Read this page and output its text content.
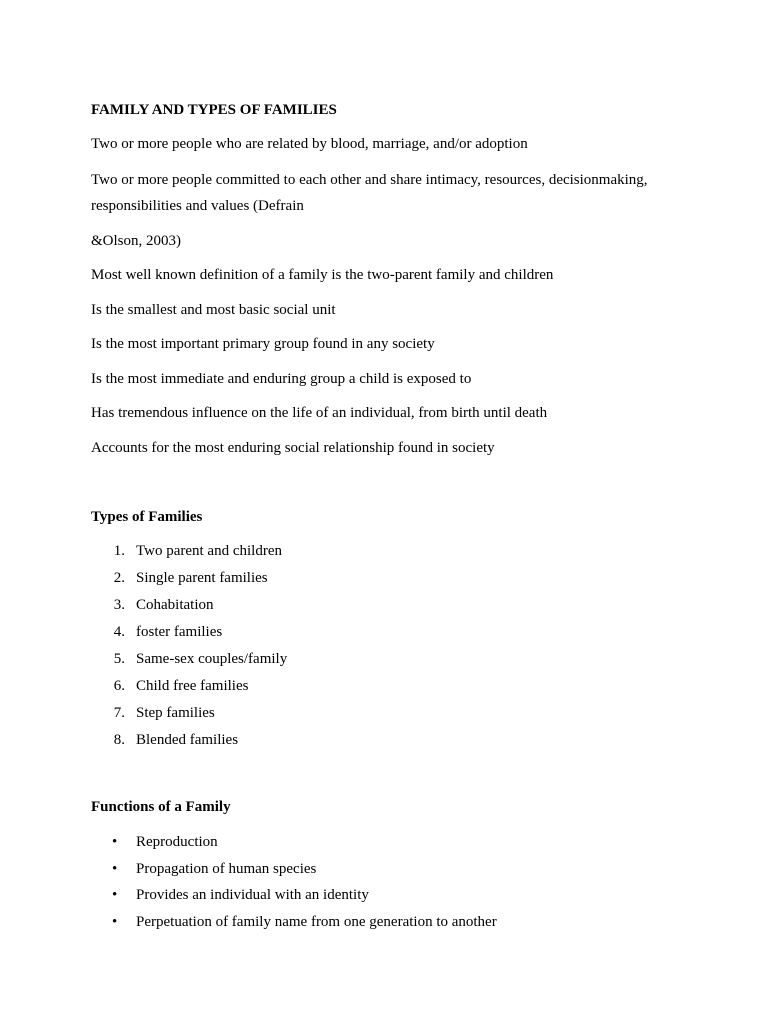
FAMILY AND TYPES OF FAMILIES
Two or more people who are related by blood, marriage, and/or adoption
Two or more people committed to each other and share intimacy, resources, decisionmaking,
responsibilities and values (Defrain
&Olson, 2003)
Most well known definition of a family is the two-parent family and children
Is the smallest and most basic social unit
Is the most important primary group found in any society
Is the most immediate and enduring group a child is exposed to
Has tremendous influence on the life of an individual, from birth until death
Accounts for the most enduring social relationship found in society
Types of Families
1. Two parent and children
2. Single parent families
3. Cohabitation
4. foster families
5. Same-sex couples/family
6. Child free families
7. Step families
8. Blended families
Functions of a Family
• Reproduction
• Propagation of human species
• Provides an individual with an identity
• Perpetuation of family name from one generation to another
